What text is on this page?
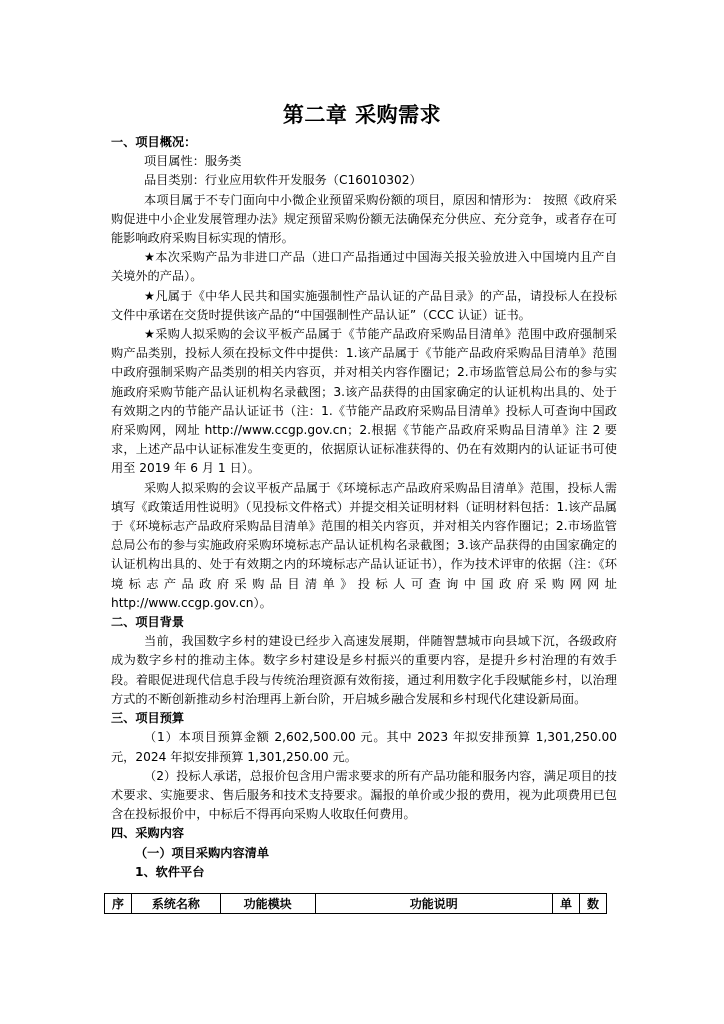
第二章 采购需求

一、项目概况：

项目属性：服务类

品目类别：行业应用软件开发服务（C16010302）

本项目属于不专门面向中小微企业预留采购份额的项目，原因和情形为： 按照《政府采购促进中小企业发展管理办法》规定预留采购份额无法确保充分供应、充分竞争，或者存在可能影响政府采购目标实现的情形。

★本次采购产品为非进口产品（进口产品指通过中国海关报关验放进入中国境内且产自关境外的产品）。

★凡属于《中华人民共和国实施强制性产品认证的产品目录》的产品，请投标人在投标文件中承诺在交货时提供该产品的“中国强制性产品认证”（CCC 认证）证书。

★采购人拟采购的会议平板产品属于《节能产品政府采购品目清单》范围中政府强制采购产品类别，投标人须在投标文件中提供：1.该产品属于《节能产品政府采购品目清单》范围中政府强制采购产品类别的相关内容页，并对相关内容作圈记；2.市场监管总局公布的参与实施政府采购节能产品认证机构名录截图；3.该产品获得的由国家确定的认证机构出具的、处于有效期之内的节能产品认证证书（注：1.《节能产品政府采购品目清单》投标人可查询中国政府采购网，网址 http://www.ccgp.gov.cn；2.根据《节能产品政府采购品目清单》注 2 要求，上述产品中认证标准发生变更的，依据原认证标准获得的、仍在有效期内的认证证书可使用至 2019 年 6 月 1 日）。

采购人拟采购的会议平板产品属于《环境标志产品政府采购品目清单》范围，投标人需填写《政策适用性说明》（见投标文件格式）并提交相关证明材料（证明材料包括：1.该产品属于《环境标志产品政府采购品目清单》范围的相关内容页，并对相关内容作圈记；2.市场监管总局公布的参与实施政府采购环境标志产品认证机构名录截图；3.该产品获得的由国家确定的认证机构出具的、处于有效期之内的环境标志产品认证证书），作为技术评审的依据（注：《环境标志产品政府采购品目清单》投标人可查询中国政府采购网网址 http://www.ccgp.gov.cn）。

二、项目背景

当前，我国数字乡村的建设已经步入高速发展期，伴随智慧城市向县域下沉，各级政府成为数字乡村的推动主体。数字乡村建设是乡村振兴的重要内容，是提升乡村治理的有效手段。着眼促进现代信息手段与传统治理资源有效衔接，通过利用数字化手段赋能乡村，以治理方式的不断创新推动乡村治理再上新台阶，开启城乡融合发展和乡村现代化建设新局面。

三、项目预算

（1）本项目预算金额 2,602,500.00 元。其中 2023 年拟安排预算 1,301,250.00 元，2024 年拟安排预算 1,301,250.00 元。

（2）投标人承诺，总报价包含用户需求要求的所有产品功能和服务内容，满足项目的技术要求、实施要求、售后服务和技术支持要求。漏报的单价或少报的费用，视为此项费用已包含在投标报价中，中标后不得再向采购人收取任何费用。

四、采购内容

（一）项目采购内容清单

1、软件平台

序	系统名称	功能模块	功能说明	单	数
